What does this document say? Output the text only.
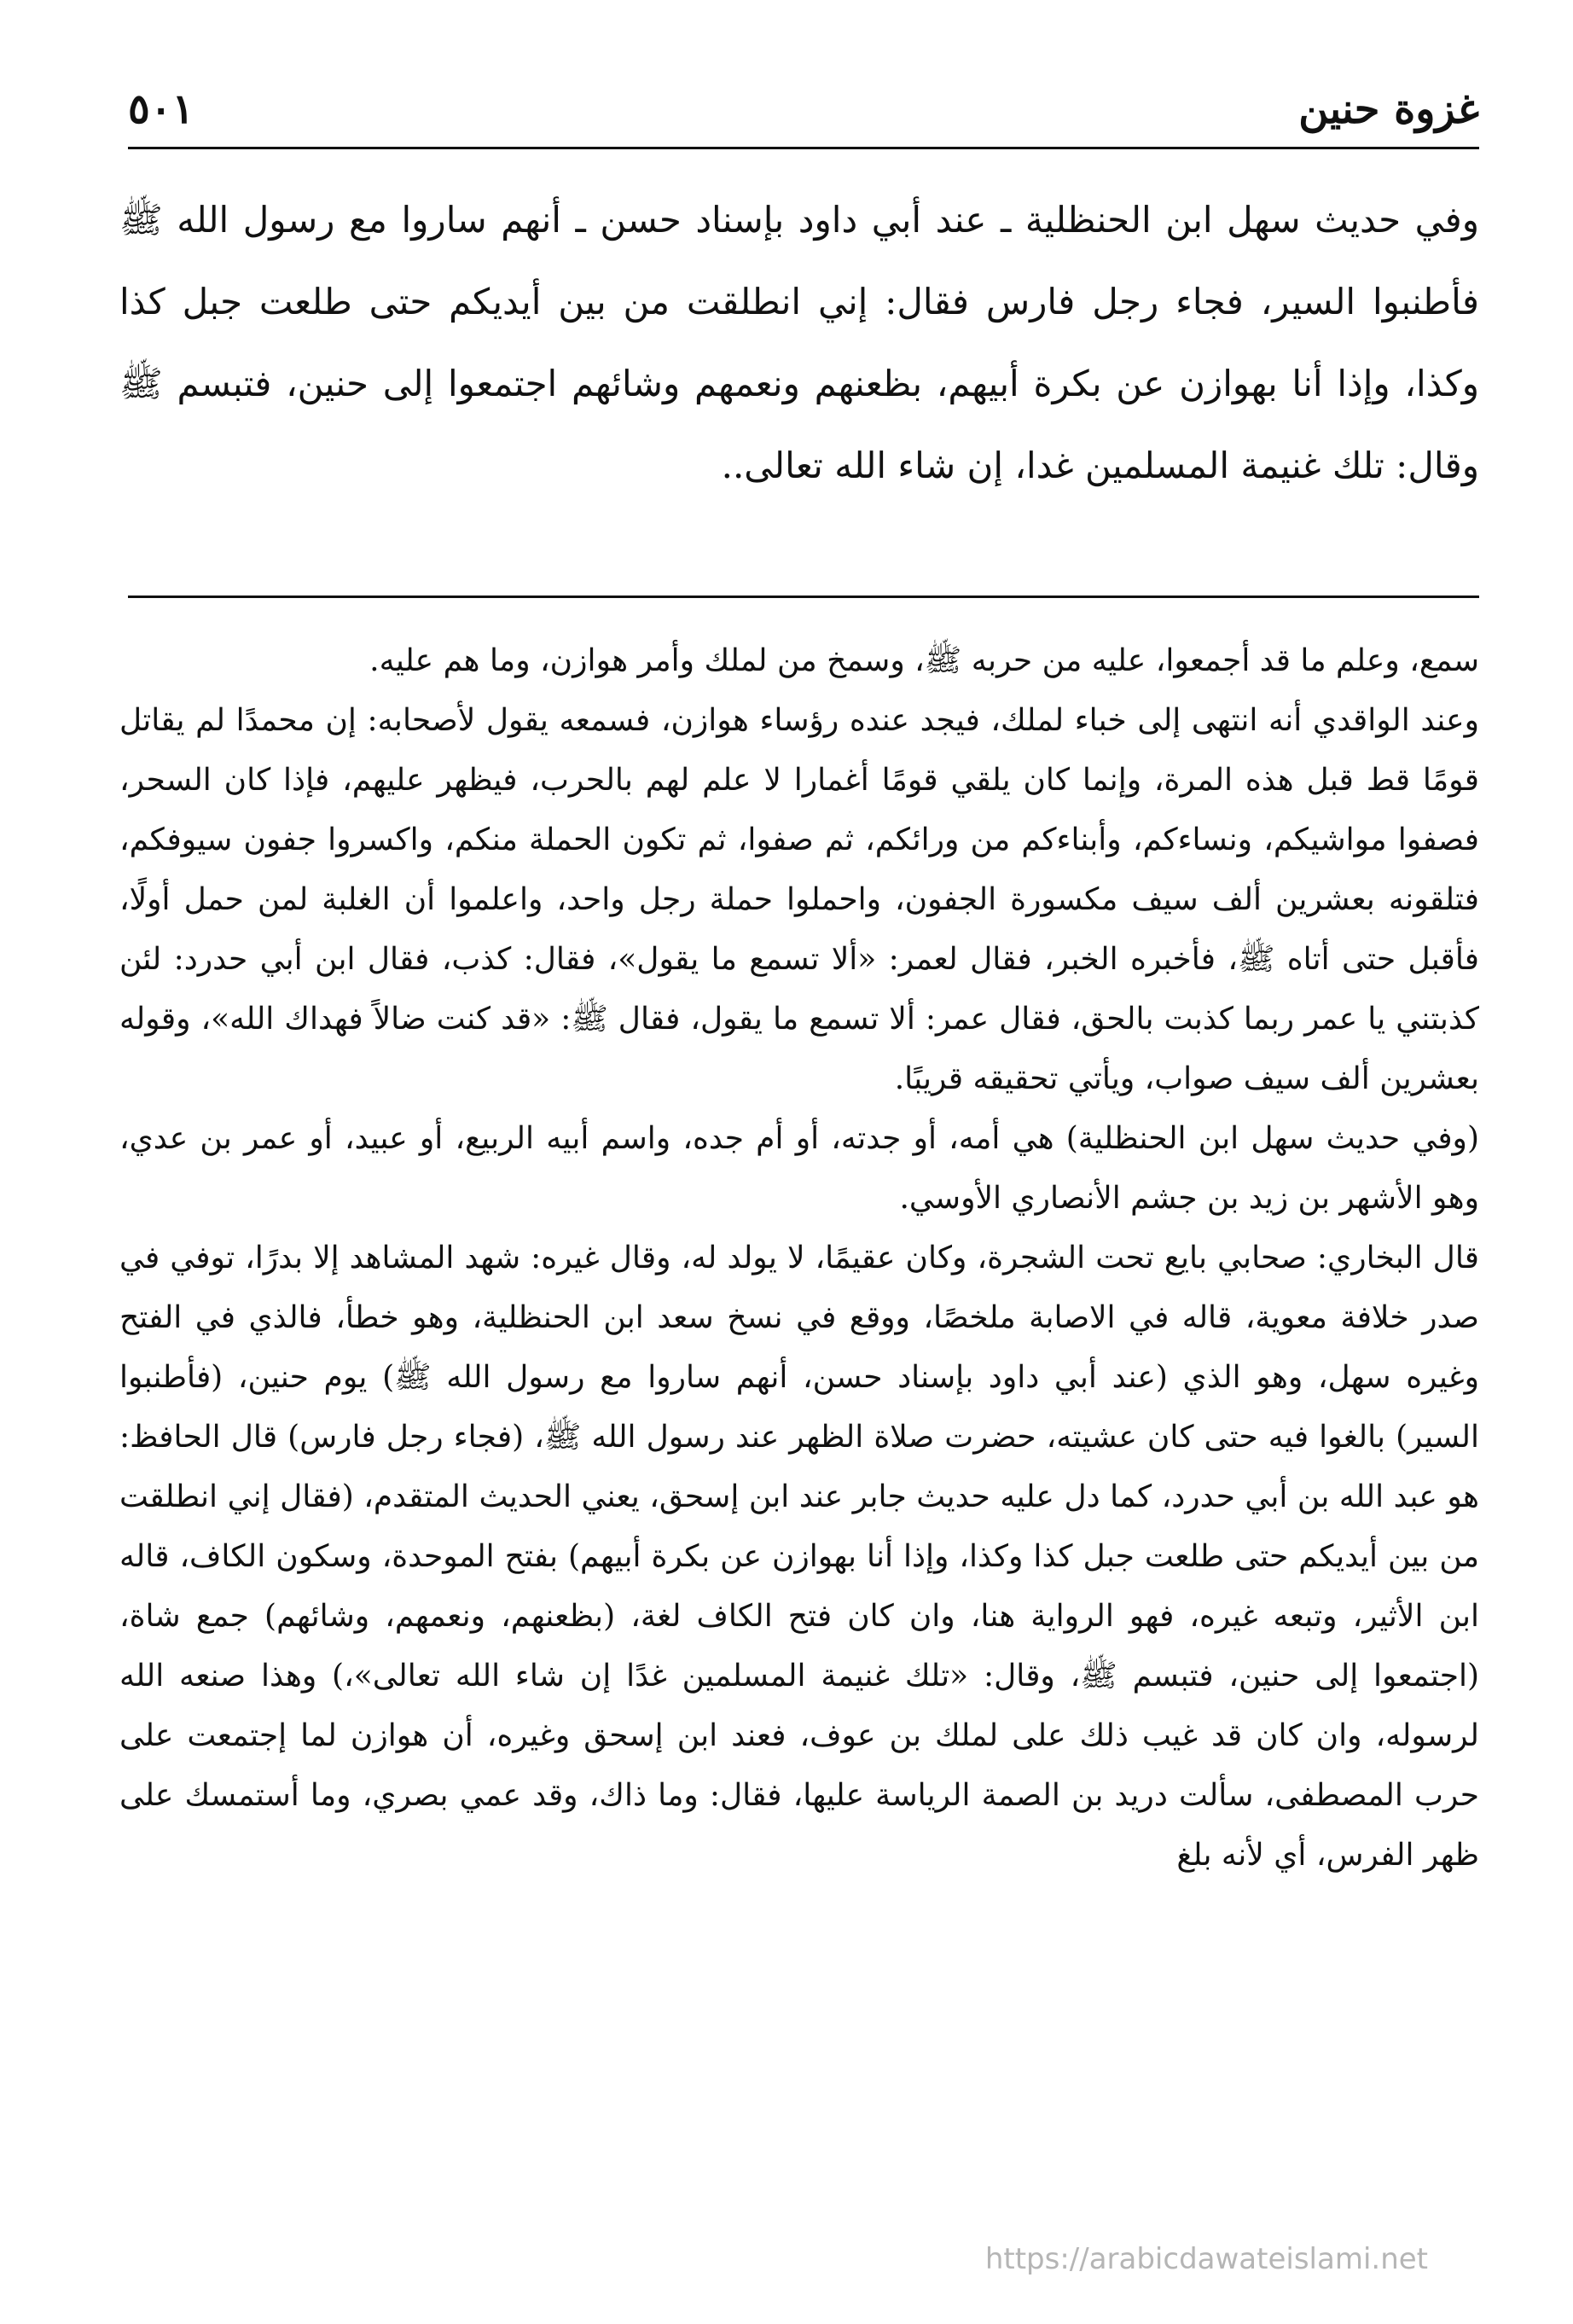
غزوة حنين
٥٠١

وفي حديث سهل ابن الحنظلية ـ عند أبي داود بإسناد حسن ـ أنهم ساروا مع رسول الله ﷺ فأطنبوا السير، فجاء رجل فارس فقال: إني انطلقت من بين أيديكم حتى طلعت جبل كذا وكذا، وإذا أنا بهوازن عن بكرة أبيهم، بظعنهم ونعمهم وشائهم اجتمعوا إلى حنين، فتبسم ﷺ وقال: تلك غنيمة المسلمين غدا، إن شاء الله تعالى..

سمع، وعلم ما قد أجمعوا، عليه من حربه ﷺ، وسمخ من لملك وأمر هوازن، وما هم عليه.

وعند الواقدي أنه انتهى إلى خباء لملك، فيجد عنده رؤساء هوازن، فسمعه يقول لأصحابه: إن محمدًا لم يقاتل قومًا قط قبل هذه المرة، وإنما كان يلقي قومًا أغمارا لا علم لهم بالحرب، فيظهر عليهم، فإذا كان السحر، فصفوا مواشيكم، ونساءكم، وأبناءكم من ورائكم، ثم صفوا، ثم تكون الحملة منكم، واكسروا جفون سيوفكم، فتلقونه بعشرين ألف سيف مكسورة الجفون، واحملوا حملة رجل واحد، واعلموا أن الغلبة لمن حمل أولًا، فأقبل حتى أتاه ﷺ، فأخبره الخبر، فقال لعمر: «ألا تسمع ما يقول»، فقال: كذب، فقال ابن أبي حدرد: لئن كذبتني يا عمر ربما كذبت بالحق، فقال عمر: ألا تسمع ما يقول، فقال ﷺ: «قد كنت ضالاً فهداك الله»، وقوله بعشرين ألف سيف صواب، ويأتي تحقيقه قريبًا.

(وفي حديث سهل ابن الحنظلية) هي أمه، أو جدته، أو أم جده، واسم أبيه الربيع، أو عبيد، أو عمر بن عدي، وهو الأشهر بن زيد بن جشم الأنصاري الأوسي.

قال البخاري: صحابي بايع تحت الشجرة، وكان عقيمًا، لا يولد له، وقال غيره: شهد المشاهد إلا بدرًا، توفي في صدر خلافة معوية، قاله في الاصابة ملخصًا، ووقع في نسخ سعد ابن الحنظلية، وهو خطأ، فالذي في الفتح وغيره سهل، وهو الذي (عند أبي داود بإسناد حسن، أنهم ساروا مع رسول الله ﷺ) يوم حنين، (فأطنبوا السير) بالغوا فيه حتى كان عشيته، حضرت صلاة الظهر عند رسول الله ﷺ، (فجاء رجل فارس) قال الحافظ: هو عبد الله بن أبي حدرد، كما دل عليه حديث جابر عند ابن إسحق، يعني الحديث المتقدم، (فقال إني انطلقت من بين أيديكم حتى طلعت جبل كذا وكذا، وإذا أنا بهوازن عن بكرة أبيهم) بفتح الموحدة، وسكون الكاف، قاله ابن الأثير، وتبعه غيره، فهو الرواية هنا، وان كان فتح الكاف لغة، (بظعنهم، ونعمهم، وشائهم) جمع شاة، (اجتمعوا إلى حنين، فتبسم ﷺ، وقال: «تلك غنيمة المسلمين غدًا إن شاء الله تعالى»،) وهذا صنعه الله لرسوله، وان كان قد غيب ذلك على لملك بن عوف، فعند ابن إسحق وغيره، أن هوازن لما إجتمعت على حرب المصطفى، سألت دريد بن الصمة الرياسة عليها، فقال: وما ذاك، وقد عمي بصري، وما أستمسك على ظهر الفرس، أي لأنه بلغ

https://arabicdawateislami.net
